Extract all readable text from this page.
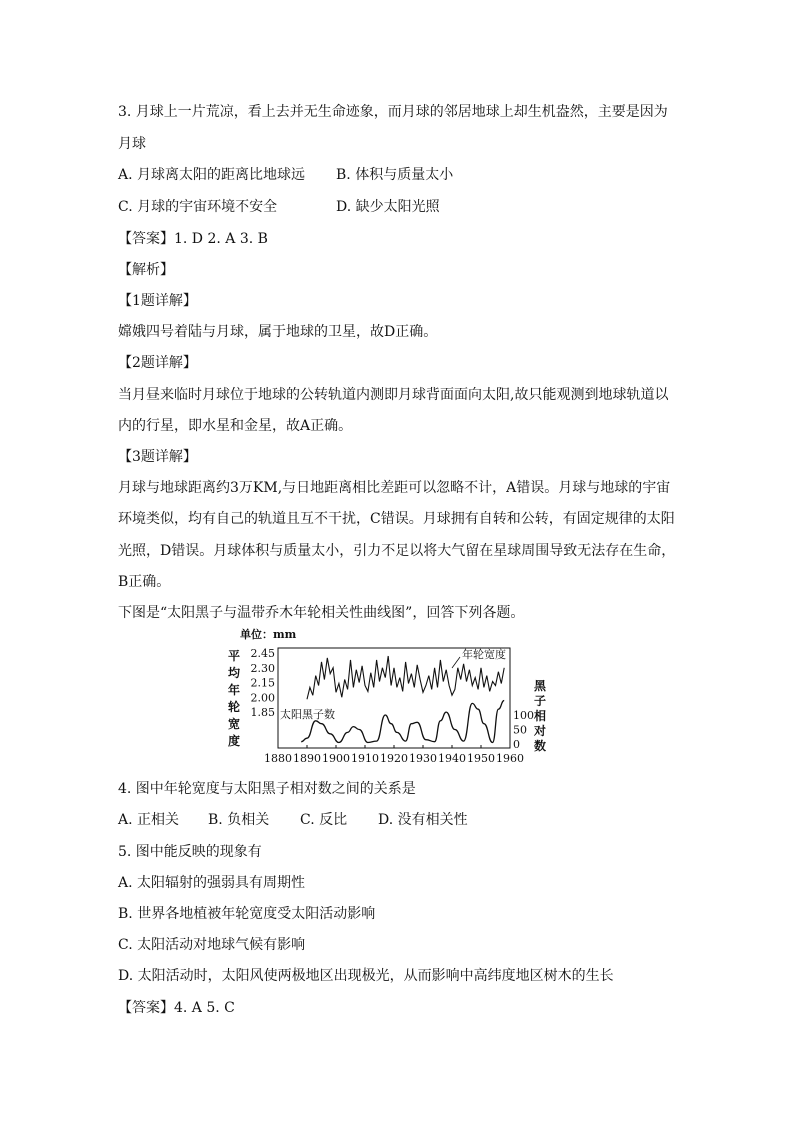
3. 月球上一片荒凉，看上去并无生命迹象，而月球的邻居地球上却生机盎然，主要是因为
月球
A. 月球离太阳的距离比地球远 B. 体积与质量太小
C. 月球的宇宙环境不安全	D. 缺少太阳光照
【答案】1. D 2. A 3. B
【解析】
【1题详解】
嫦娥四号着陆与月球，属于地球的卫星，故D正确。
【2题详解】
当月昼来临时月球位于地球的公转轨道内测即月球背面面向太阳,故只能观测到地球轨道以
内的行星，即水星和金星，故A正确。
【3题详解】
月球与地球距离约3万KM,与日地距离相比差距可以忽略不计，A错误。月球与地球的宇宙
环境类似，均有自己的轨道且互不干扰，C错误。月球拥有自转和公转，有固定规律的太阳
光照，D错误。月球体积与质量太小，引力不足以将大气留在星球周围导致无法存在生命，
B正确。
下图是“太阳黑子与温带乔木年轮相关性曲线图”，回答下列各题。
单位：mm
平
均
年
轮
宽
度
黑
子
相
对
数
2.45
2.30
2.15
2.00
1.85	100
50
0
1880 1890 1900 1910 1920 1930 1940 1950 1960
年轮宽度
太阳黑子数
4. 图中年轮宽度与太阳黑子相对数之间的关系是
A. 正相关 B. 负相关 C. 反比 D. 没有相关性
5. 图中能反映的现象有
A. 太阳辐射的强弱具有周期性
B. 世界各地植被年轮宽度受太阳活动影响
C. 太阳活动对地球气候有影响
D. 太阳活动时，太阳风使两极地区出现极光，从而影响中高纬度地区树木的生长
【答案】4. A 5. C
